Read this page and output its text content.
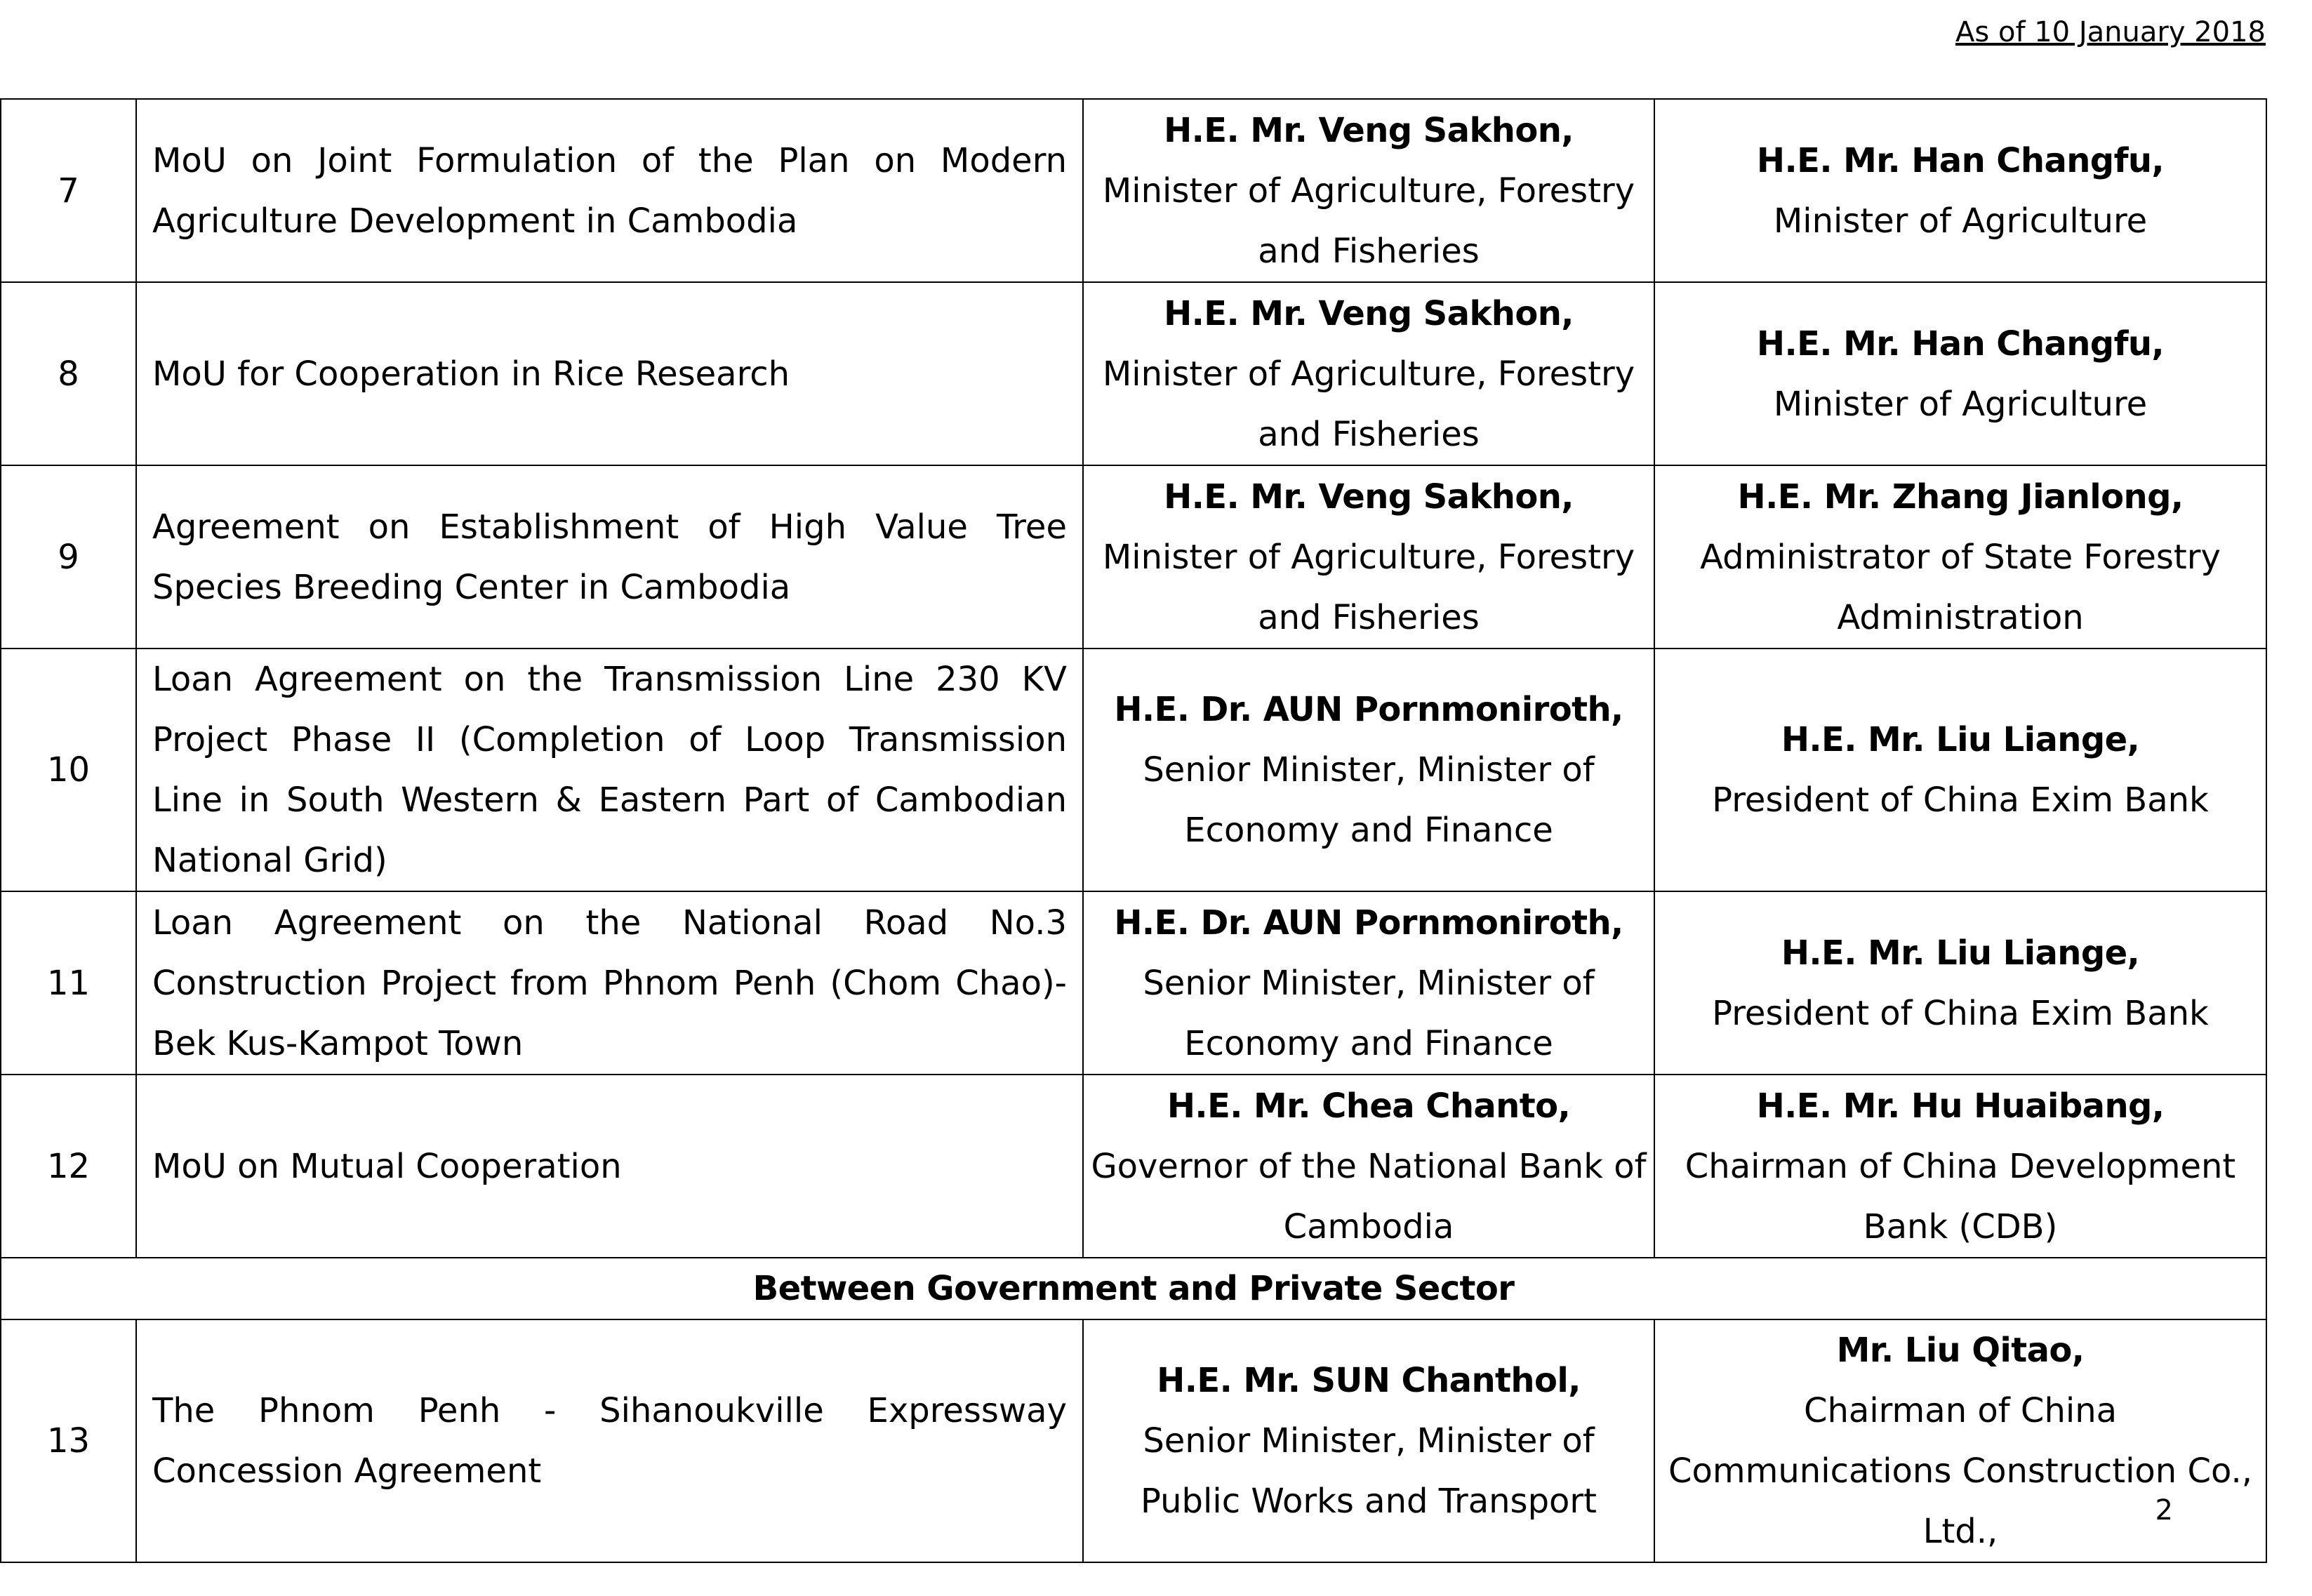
As of 10 January 2018
7	MoU on Joint Formulation of the Plan on Modern Agriculture Development in Cambodia	H.E. Mr. Veng Sakhon,
Minister of Agriculture, Forestry and Fisheries	H.E. Mr. Han Changfu,
Minister of Agriculture

8	MoU for Cooperation in Rice Research	H.E. Mr. Veng Sakhon,
Minister of Agriculture, Forestry and Fisheries	H.E. Mr. Han Changfu,
Minister of Agriculture

9	Agreement on Establishment of High Value Tree Species Breeding Center in Cambodia	H.E. Mr. Veng Sakhon,
Minister of Agriculture, Forestry and Fisheries	H.E. Mr. Zhang Jianlong,
Administrator of State Forestry Administration

10	Loan Agreement on the Transmission Line 230 KV Project Phase II (Completion of Loop Transmission Line in South Western & Eastern Part of Cambodian National Grid)	H.E. Dr. AUN Pornmoniroth,
Senior Minister, Minister of Economy and Finance	H.E. Mr. Liu Liange,
President of China Exim Bank

11	Loan Agreement on the National Road No.3 Construction Project from Phnom Penh (Chom Chao)-Bek Kus-Kampot Town	H.E. Dr. AUN Pornmoniroth,
Senior Minister, Minister of Economy and Finance	H.E. Mr. Liu Liange,
President of China Exim Bank

12	MoU on Mutual Cooperation	H.E. Mr. Chea Chanto,
Governor of the National Bank of Cambodia	H.E. Mr. Hu Huaibang,
Chairman of China Development Bank (CDB)

Between Government and Private Sector			
13	The Phnom Penh - Sihanoukville Expressway Concession Agreement	H.E. Mr. SUN Chanthol,
Senior Minister, Minister of Public Works and Transport	Mr. Liu Qitao,
Chairman of China Communications Construction Co., Ltd.,
2
